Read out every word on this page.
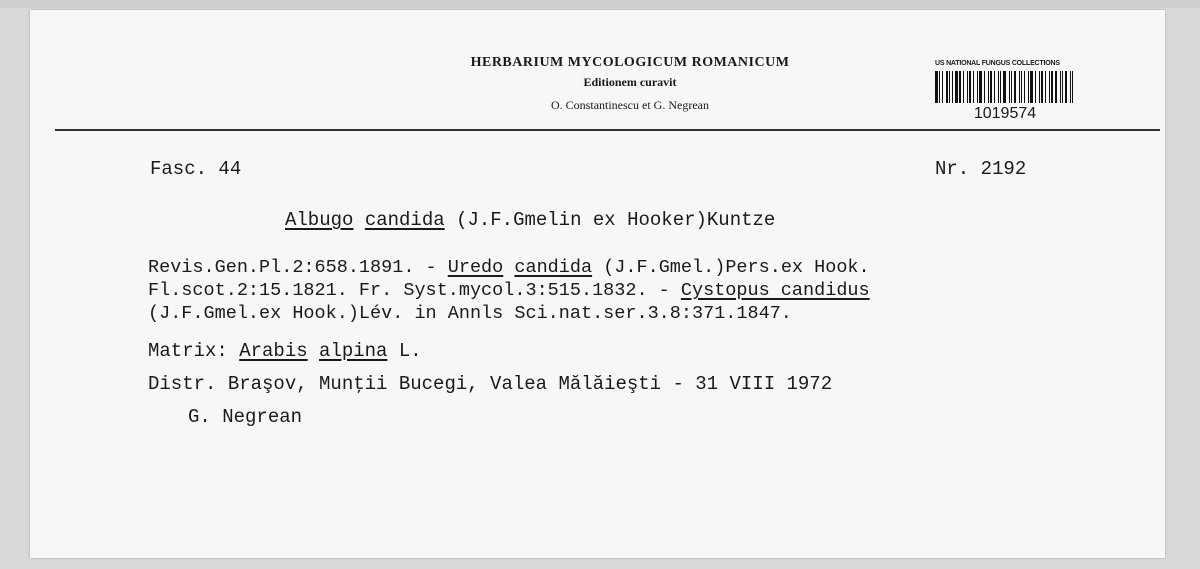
HERBARIUM MYCOLOGICUM ROMANICUM
Editionem curavit
O. Constantinescu et G. Negrean
US NATIONAL FUNGUS COLLECTIONS
1019574
Fasc. 44	Nr. 2192
Albugo candida (J.F.Gmelin ex Hooker)Kuntze
Revis.Gen.Pl.2:658.1891. - Uredo candida (J.F.Gmel.)Pers.ex Hook.
Fl.scot.2:15.1821. Fr. Syst.mycol.3:515.1832. - Cystopus candidus
(J.F.Gmel.ex Hook.)Lév. in Annls Sci.nat.ser.3.8:371.1847.
Matrix: Arabis alpina L.
Distr. Braşov, Munţii Bucegi, Valea Mălăieşti - 31 VIII 1972
G. Negrean
